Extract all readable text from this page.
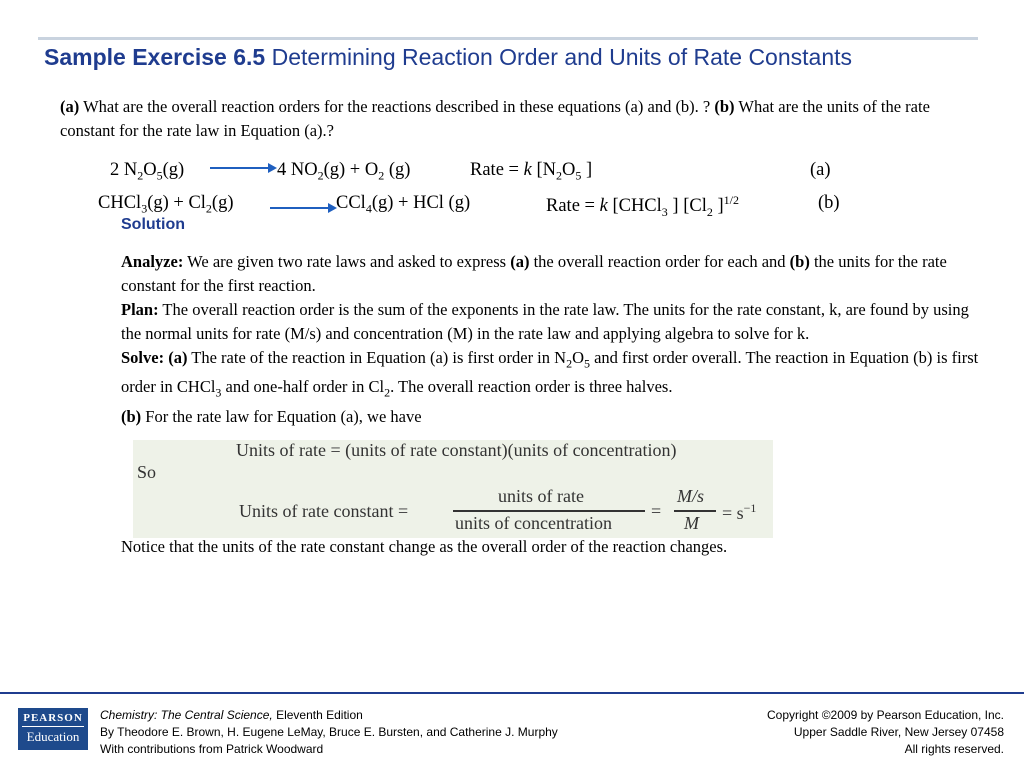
Sample Exercise 6.5 Determining Reaction Order and Units of Rate Constants
(a) What are the overall reaction orders for the reactions described in these equations (a) and (b). ? (b) What are the units of the rate constant for the rate law in Equation (a).?
2 $N_2O_5(g)$	4 $NO_2(g) + O_2$ (g)	Rate = k [$N_2O_5$ ]	(a)
CHCl$_3$(g) + $Cl_2(g)$	CCl$_4$(g) + HCl (g)	Rate = k [CHCl$_3$ ] [$Cl_2$ ]$^{1/2}$	(b)
Solution
Analyze: We are given two rate laws and asked to express (a) the overall reaction order for each and (b) the units for the rate constant for the first reaction.
Plan: The overall reaction order is the sum of the exponents in the rate law. The units for the rate constant, k, are found by using the normal units for rate (M/s) and concentration (M) in the rate law and applying algebra to solve for k.
Solve: (a) The rate of the reaction in Equation (a) is first order in $N_2O_5$ and first order overall. The reaction in Equation (b) is first order in CHCl$_3$ and one-half order in $Cl_2$. The overall reaction order is three halves.
(b) For the rate law for Equation (a), we have
Units of rate = (units of rate constant)(units of concentration)
So
Units of rate constant =
units of rate
units of concentration
=
M/s
$M = s^{-1}$
Notice that the units of the rate constant change as the overall order of the reaction changes.
PEARSON
Education
Chemistry: The Central Science, Eleventh Edition
By Theodore E. Brown, H. Eugene LeMay, Bruce E. Bursten, and Catherine J. Murphy
With contributions from Patrick Woodward
Copyright ©2009 by Pearson Education, Inc.
Upper Saddle River, New Jersey 07458
All rights reserved.
